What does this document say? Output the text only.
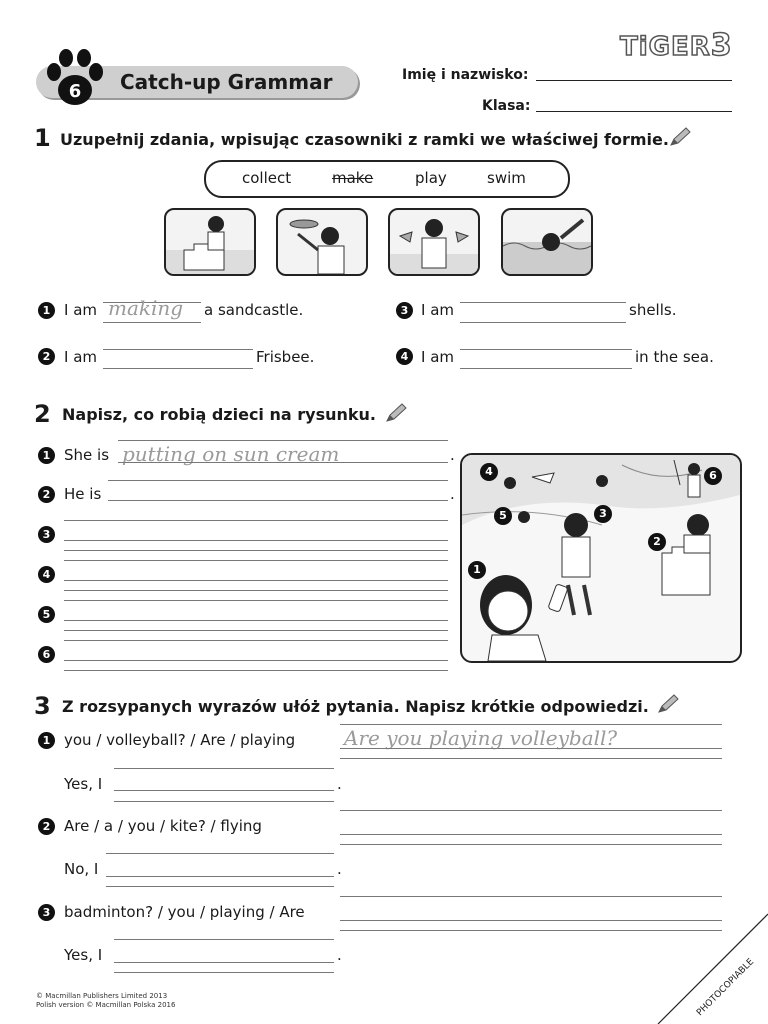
TiGER3
6 Catch-up Grammar	Imię i nazwisko:
Klasa:
1 Uzupełnij zdania, wpisując czasowniki z ramki we właściwej formie.
collect	make	play	swim
1 I am making a sandcastle.
2 I am	Frisbee.
3 I am	shells.
4 I am	in the sea.
2 Napisz, co robią dzieci na rysunku.
1 She is putting on sun cream	.
2 He is	.
3
4
5
6
1
2
3
4
5
6
3 Z rozsypanych wyrazów ułóż pytania. Napisz krótkie odpowiedzi.
1 you / volleyball? / Are / playing Are you playing volleyball?
Yes, I	.
2 Are / a / you / kite? / flying
No, I	.
3 badminton? / you / playing / Are
Yes, I	.
© Macmillan Publishers Limited 2013
Polish version © Macmillan Polska 2016	PHOTOCOPIABLE
